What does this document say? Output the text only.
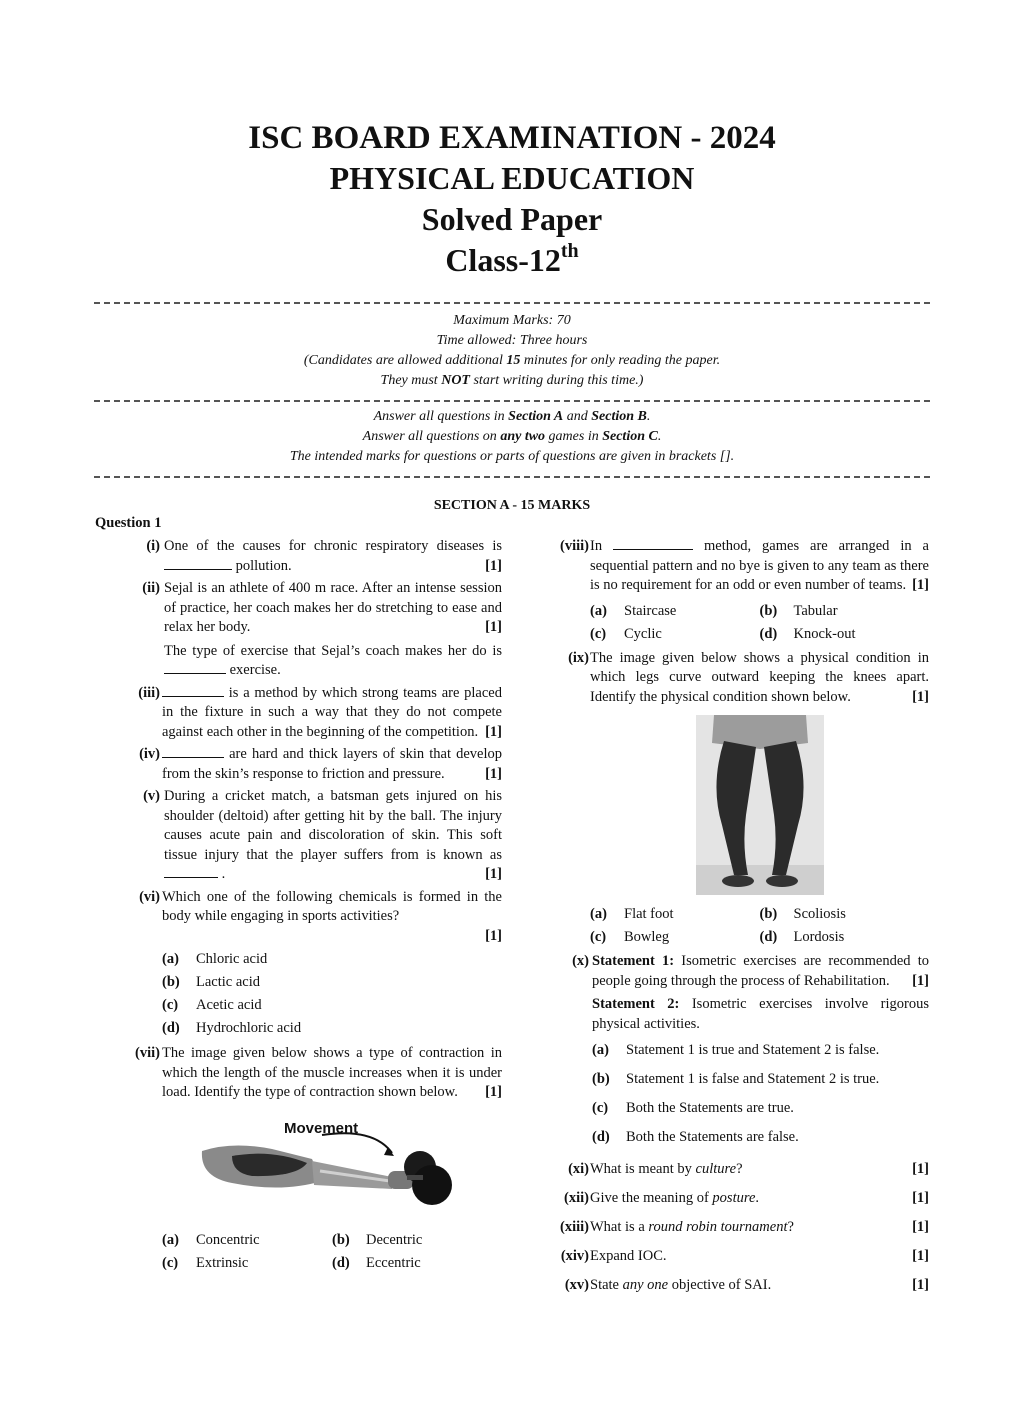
ISC BOARD EXAMINATION - 2024
PHYSICAL EDUCATION
Solved Paper
Class-12th
Maximum Marks: 70
Time allowed: Three hours
(Candidates are allowed additional 15 minutes for only reading the paper.
They must NOT start writing during this time.)
Answer all questions in Section A and Section B.
Answer all questions on any two games in Section C.
The intended marks for questions or parts of questions are given in brackets [].
SECTION A - 15 MARKS
Question 1
(i) One of the causes for chronic respiratory diseases is  pollution.	[1]
(ii) Sejal is an athlete of 400 m race. After an intense session of practice, her coach makes her do stretching to ease and relax her body.	[1]
The type of exercise that Sejal’s coach makes her do is  exercise.
(iii)	is a method by which strong teams are placed in the fixture in such a way that they do not compete against each other in the beginning of the competition. [1]
(iv)	are hard and thick layers of skin that develop from the skin’s response to friction and pressure.	[1]
(v) During a cricket match, a batsman gets injured on his shoulder (deltoid) after getting hit by the ball. The injury causes acute pain and discoloration of skin. This soft tissue injury that the player suffers from is known as  .	[1]
(vi) Which one of the following chemicals is formed in the body while engaging in sports activities?
[1]
(a)	Chloric acid
(b)	Lactic acid
(c)	Acetic acid
(d)	Hydrochloric acid
(vii) The image given below shows a type of contraction in which the length of the muscle increases when it is under load. Identify the type of contraction shown below. [1]
Movement
(a)	Concentric	(b)	Decentric
(c)	Extrinsic	(d)	Eccentric
(viii) In	method, games are arranged in a sequential pattern and no bye is given to any team as there is no requirement for an odd or even number of teams. [1]
(a)	Staircase	(b)	Tabular
(c)	Cyclic	(d)	Knock-out
(ix) The image given below shows a physical condition in which legs curve outward keeping the knees apart. Identify the physical condition shown below.	[1]
(a)	Flat foot	(b)	Scoliosis
(c)	Bowleg	(d)	Lordosis
(x) Statement 1: Isometric exercises are recommended to people going through the process of Rehabilitation. [1]
Statement 2: Isometric exercises involve rigorous physical activities.
(a)	Statement 1 is true and Statement 2 is false.
(b)	Statement 1 is false and Statement 2 is true.
(c)	Both the Statements are true.
(d)	Both the Statements are false.
(xi) What is meant by culture?	[1]
(xii) Give the meaning of posture.	[1]
(xiii) What is a round robin tournament?	[1]
(xiv) Expand IOC.	[1]
(xv) State any one objective of SAI.	[1]
